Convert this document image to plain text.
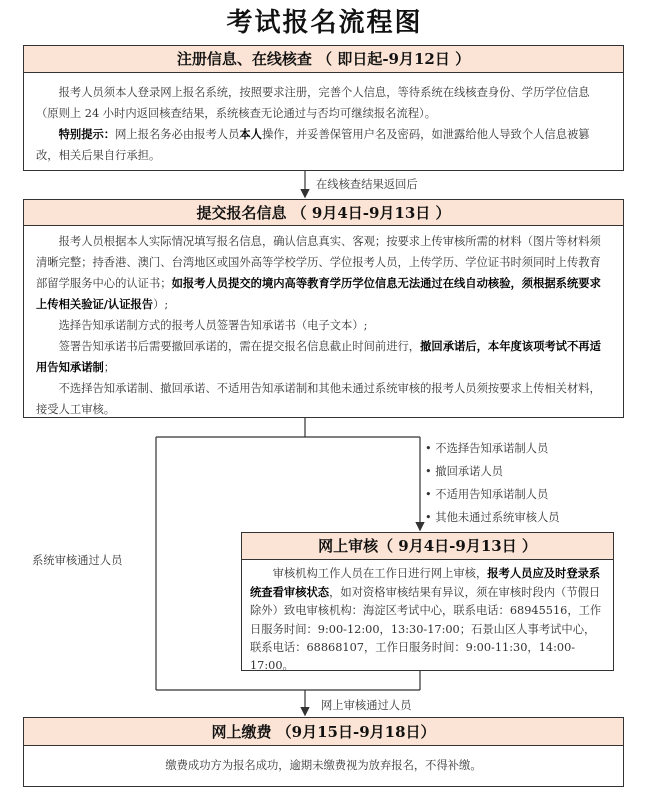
考试报名流程图
注册信息、在线核查 （ 即日起-9月12日 ）

报考人员须本人登录网上报名系统，按照要求注册，完善个人信息，等待系统在线核查身份、学历学位信息（原则上 24 小时内返回核查结果，系统核查无论通过与否均可继续报名流程）。

特别提示：网上报名务必由报考人员本人操作，并妥善保管用户名及密码，如泄露给他人导致个人信息被篡改，相关后果自行承担。

在线核查结果返回后
提交报名信息 （ 9月4日-9月13日 ）

报考人员根据本人实际情况填写报名信息，确认信息真实、客观；按要求上传审核所需的材料（图片等材料须清晰完整；持香港、澳门、台湾地区或国外高等学校学历、学位报考人员，上传学历、学位证书时须同时上传教育部留学服务中心的认证书；如报考人员提交的境内高等教育学历学位信息无法通过在线自动核验，须根据系统要求上传相关验证/认证报告）;

选择告知承诺制方式的报考人员签署告知承诺书（电子文本）;

签署告知承诺书后需要撤回承诺的，需在提交报名信息截止时间前进行，撤回承诺后，本年度该项考试不再适用告知承诺制；

不选择告知承诺制、撤回承诺、不适用告知承诺制和其他未通过系统审核的报考人员须按要求上传相关材料，接受人工审核。

• 不选择告知承诺制人员
• 撤回承诺人员
• 不适用告知承诺制人员
• 其他未通过系统审核人员
系统审核通过人员
网上审核（ 9月4日-9月13日 ）

审核机构工作人员在工作日进行网上审核，报考人员应及时登录系统查看审核状态，如对资格审核结果有异议，须在审核时段内（节假日除外）致电审核机构：海淀区考试中心，联系电话：68945516，工作日服务时间：9:00-12:00，13:30-17:00；石景山区人事考试中心，联系电话：68868107，工作日服务时间：9:00-11:30，14:00-17:00。

网上审核通过人员
网上缴费 （9月15日-9月18日）
缴费成功方为报名成功，逾期未缴费视为放弃报名，不得补缴。
